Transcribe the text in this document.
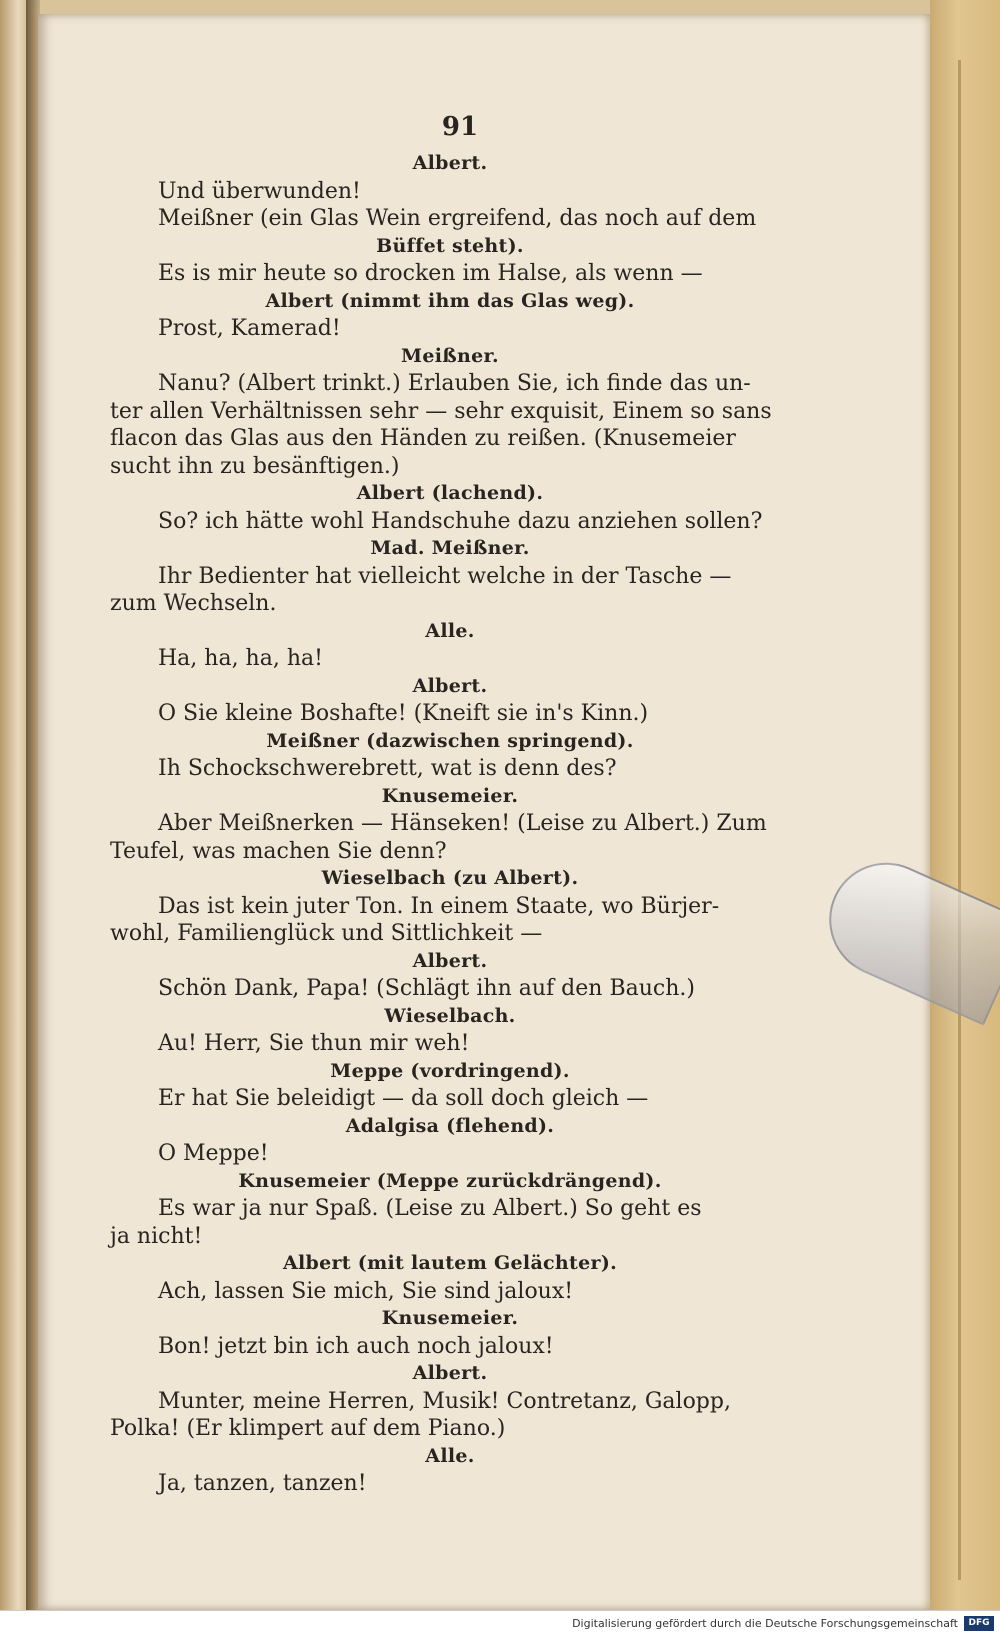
91
Albert.
Und überwunden!
Meißner (ein Glas Wein ergreifend, das noch auf dem
Büffet steht).
Es is mir heute so drocken im Halse, als wenn —
Albert (nimmt ihm das Glas weg).
Prost, Kamerad!
Meißner.
Nanu? (Albert trinkt.) Erlauben Sie, ich finde das un-
ter allen Verhältnissen sehr — sehr exquisit, Einem so sans
flacon das Glas aus den Händen zu reißen. (Knusemeier
sucht ihn zu besänftigen.)
Albert (lachend).
So? ich hätte wohl Handschuhe dazu anziehen sollen?
Mad. Meißner.
Ihr Bedienter hat vielleicht welche in der Tasche —
zum Wechseln.
Alle.
Ha, ha, ha, ha!
Albert.
O Sie kleine Boshafte! (Kneift sie in's Kinn.)
Meißner (dazwischen springend).
Ih Schockschwerebrett, wat is denn des?
Knusemeier.
Aber Meißnerken — Hänseken! (Leise zu Albert.) Zum
Teufel, was machen Sie denn?
Wieselbach (zu Albert).
Das ist kein juter Ton. In einem Staate, wo Bürjer-
wohl, Familienglück und Sittlichkeit —
Albert.
Schön Dank, Papa! (Schlägt ihn auf den Bauch.)
Wieselbach.
Au! Herr, Sie thun mir weh!
Meppe (vordringend).
Er hat Sie beleidigt — da soll doch gleich —
Adalgisa (flehend).
O Meppe!
Knusemeier (Meppe zurückdrängend).
Es war ja nur Spaß. (Leise zu Albert.) So geht es
ja nicht!
Albert (mit lautem Gelächter).
Ach, lassen Sie mich, Sie sind jaloux!
Knusemeier.
Bon! jetzt bin ich auch noch jaloux!
Albert.
Munter, meine Herren, Musik! Contretanz, Galopp,
Polka! (Er klimpert auf dem Piano.)
Alle.
Ja, tanzen, tanzen!
Digitalisierung gefördert durch die Deutsche Forschungsgemeinschaft	DFG
